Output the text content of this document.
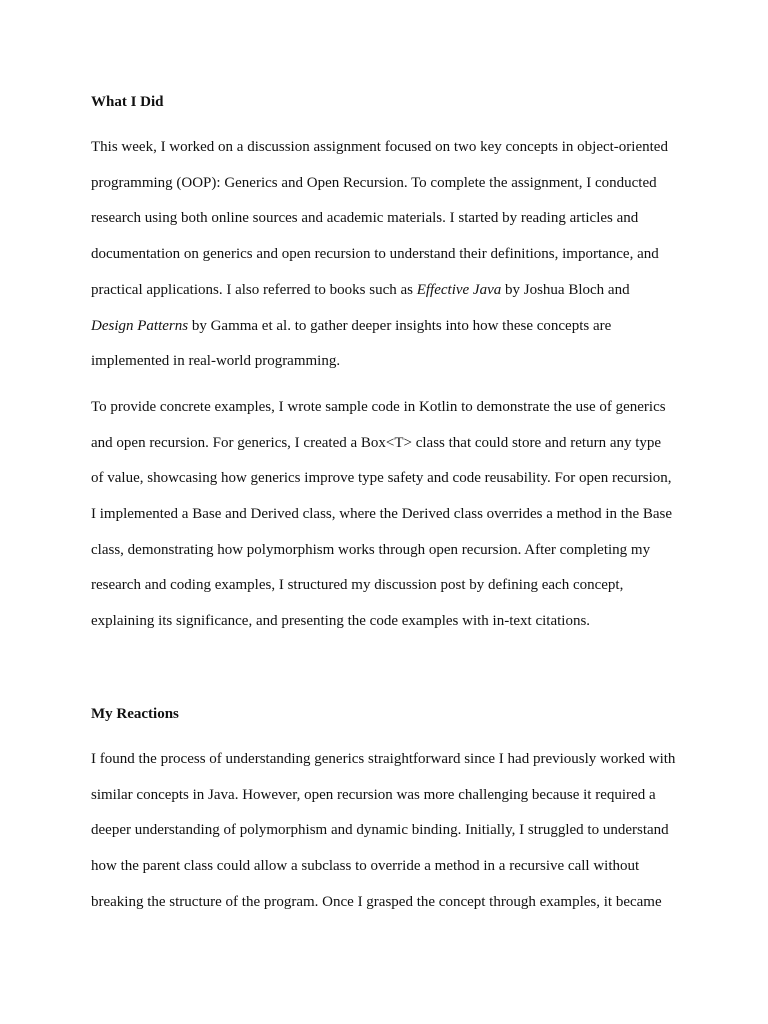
What I Did

This week, I worked on a discussion assignment focused on two key concepts in object-oriented
programming (OOP): Generics and Open Recursion. To complete the assignment, I conducted
research using both online sources and academic materials. I started by reading articles and
documentation on generics and open recursion to understand their definitions, importance, and
practical applications. I also referred to books such as Effective Java by Joshua Bloch and
Design Patterns by Gamma et al. to gather deeper insights into how these concepts are
implemented in real-world programming.

To provide concrete examples, I wrote sample code in Kotlin to demonstrate the use of generics
and open recursion. For generics, I created a Box<T> class that could store and return any type
of value, showcasing how generics improve type safety and code reusability. For open recursion,
I implemented a Base and Derived class, where the Derived class overrides a method in the Base
class, demonstrating how polymorphism works through open recursion. After completing my
research and coding examples, I structured my discussion post by defining each concept,
explaining its significance, and presenting the code examples with in-text citations.

My Reactions

I found the process of understanding generics straightforward since I had previously worked with
similar concepts in Java. However, open recursion was more challenging because it required a
deeper understanding of polymorphism and dynamic binding. Initially, I struggled to understand
how the parent class could allow a subclass to override a method in a recursive call without
breaking the structure of the program. Once I grasped the concept through examples, it became
